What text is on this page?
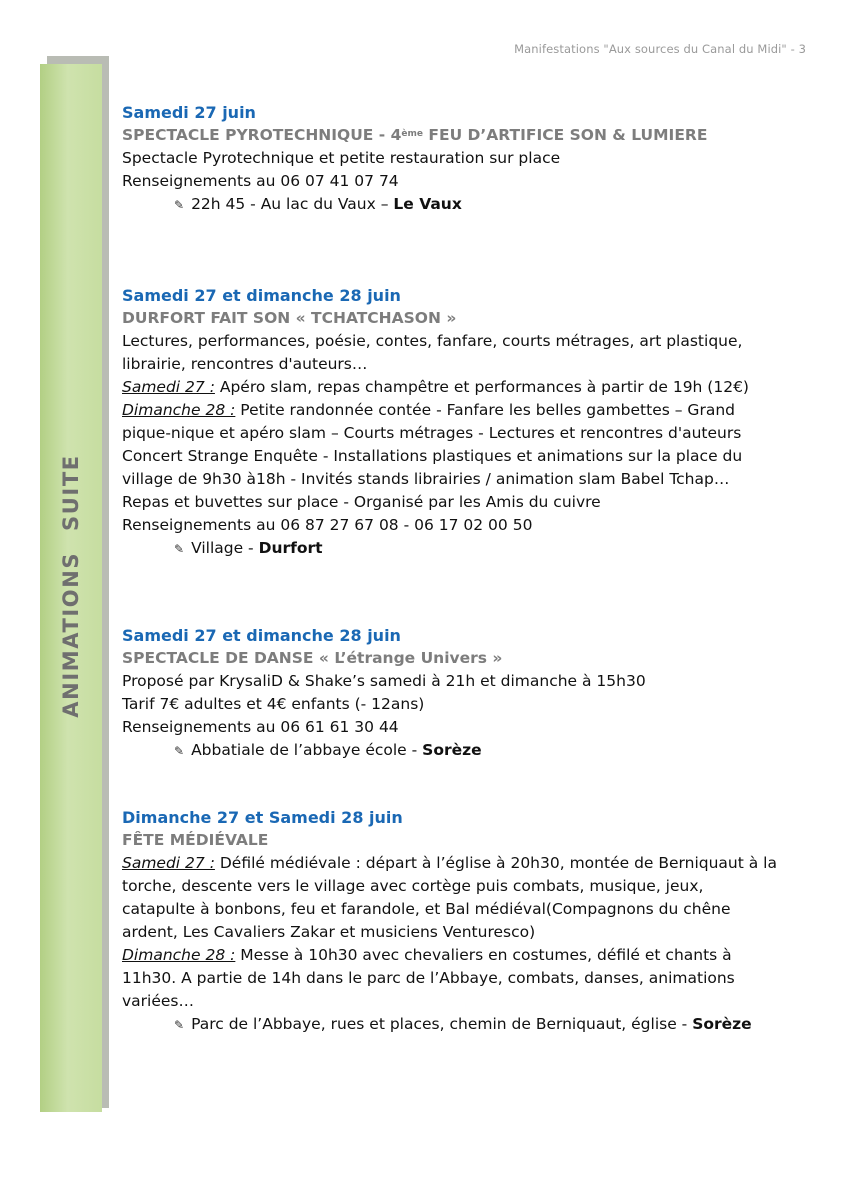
Manifestations "Aux sources du Canal du Midi" - 3
ANIMATIONS SUITE
Samedi 27 juin
SPECTACLE PYROTECHNIQUE - 4ème FEU D’ARTIFICE SON & LUMIERE
Spectacle Pyrotechnique et petite restauration sur place
Renseignements au 06 07 41 07 74
✎ 22h 45 - Au lac du Vaux – Le Vaux
Samedi 27 et dimanche 28 juin
DURFORT FAIT SON « TCHATCHASON »
Lectures, performances, poésie, contes, fanfare, courts métrages, art plastique,
librairie, rencontres d'auteurs…
Samedi 27 : Apéro slam, repas champêtre et performances à partir de 19h (12€)
Dimanche 28 : Petite randonnée contée - Fanfare les belles gambettes – Grand
pique-nique et apéro slam – Courts métrages - Lectures et rencontres d'auteurs
Concert Strange Enquête - Installations plastiques et animations sur la place du
village de 9h30 à18h - Invités stands librairies / animation slam Babel Tchap…
Repas et buvettes sur place - Organisé par les Amis du cuivre
Renseignements au 06 87 27 67 08 - 06 17 02 00 50
✎ Village - Durfort
Samedi 27 et dimanche 28 juin
SPECTACLE DE DANSE « L’étrange Univers »
Proposé par KrysaliD & Shake’s samedi à 21h et dimanche à 15h30
Tarif 7€ adultes et 4€ enfants (- 12ans)
Renseignements au 06 61 61 30 44
✎ Abbatiale de l’abbaye école - Sorèze
Dimanche 27 et Samedi 28 juin
FÊTE MÉDIÉVALE
Samedi 27 : Défilé médiévale : départ à l’église à 20h30, montée de Berniquaut à la
torche, descente vers le village avec cortège puis combats, musique, jeux,
catapulte à bonbons, feu et farandole, et Bal médiéval(Compagnons du chêne
ardent, Les Cavaliers Zakar et musiciens Venturesco)
Dimanche 28 : Messe à 10h30 avec chevaliers en costumes, défilé et chants à
11h30. A partie de 14h dans le parc de l’Abbaye, combats, danses, animations
variées…
✎ Parc de l’Abbaye, rues et places, chemin de Berniquaut, église - Sorèze
